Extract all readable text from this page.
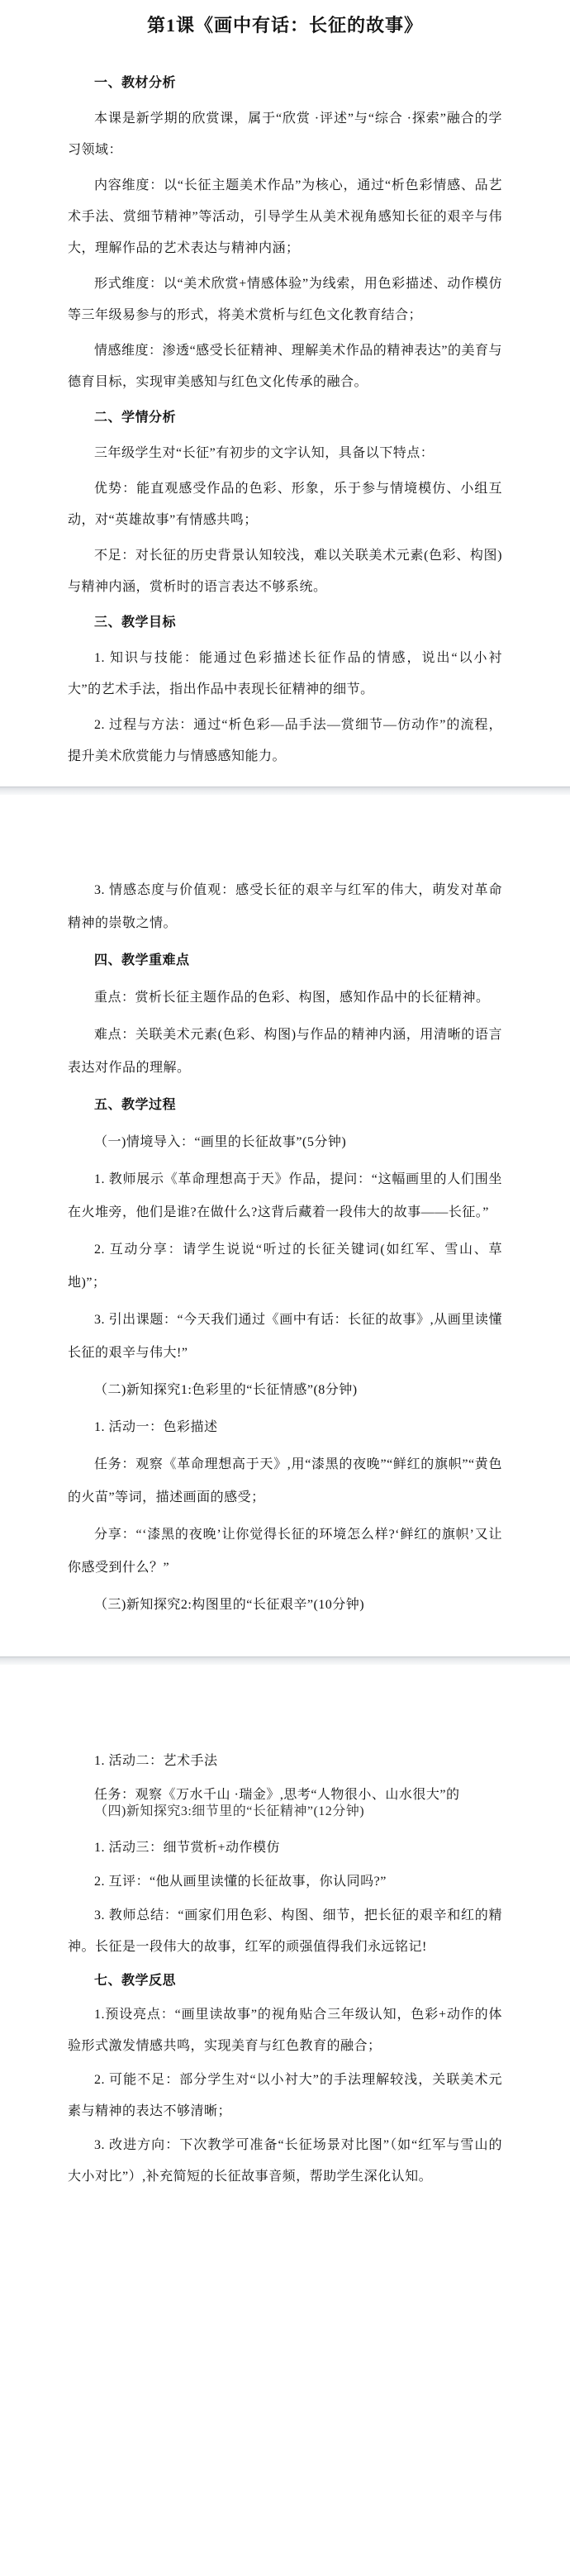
第1课《画中有话：长征的故事》
一、教材分析
本课是新学期的欣赏课，属于“欣赏 ·评述”与“综合 ·探索”融合的学习领域：
内容维度：以“长征主题美术作品”为核心，通过“析色彩情感、品艺术手法、赏细节精神”等活动，引导学生从美术视角感知长征的艰辛与伟大，理解作品的艺术表达与精神内涵；
形式维度：以“美术欣赏+情感体验”为线索，用色彩描述、动作模仿等三年级易参与的形式，将美术赏析与红色文化教育结合；
情感维度：渗透“感受长征精神、理解美术作品的精神表达”的美育与德育目标，实现审美感知与红色文化传承的融合。
二、学情分析
三年级学生对“长征”有初步的文字认知，具备以下特点：
优势：能直观感受作品的色彩、形象，乐于参与情境模仿、小组互动，对“英雄故事”有情感共鸣；
不足：对长征的历史背景认知较浅，难以关联美术元素(色彩、构图)与精神内涵，赏析时的语言表达不够系统。
三、教学目标
1. 知识与技能：能通过色彩描述长征作品的情感，说出“以小衬大”的艺术手法，指出作品中表现长征精神的细节。
2. 过程与方法：通过“析色彩—品手法—赏细节—仿动作”的流程，提升美术欣赏能力与情感感知能力。
3. 情感态度与价值观：感受长征的艰辛与红军的伟大，萌发对革命精神的崇敬之情。
四、教学重难点
重点：赏析长征主题作品的色彩、构图，感知作品中的长征精神。
难点：关联美术元素(色彩、构图)与作品的精神内涵，用清晰的语言表达对作品的理解。
五、教学过程
（一)情境导入：“画里的长征故事”(5分钟)
1. 教师展示《革命理想高于天》作品，提问：“这幅画里的人们围坐在火堆旁，他们是谁?在做什么?这背后藏着一段伟大的故事——长征。”
2. 互动分享：请学生说说“听过的长征关键词(如红军、雪山、草地)”；
3. 引出课题：“今天我们通过《画中有话：长征的故事》,从画里读懂长征的艰辛与伟大!”
（二)新知探究1:色彩里的“长征情感”(8分钟)
1. 活动一：色彩描述
任务：观察《革命理想高于天》,用“漆黑的夜晚”“鲜红的旗帜”“黄色的火苗”等词，描述画面的感受；
分享：“‘漆黑的夜晚’让你觉得长征的环境怎么样?‘鲜红的旗帜’又让你感受到什么？”
（三)新知探究2:构图里的“长征艰辛”(10分钟)
1. 活动二：艺术手法
任务：观察《万水千山 ·瑞金》,思考“人物很小、山水很大”的
（四)新知探究3:细节里的“长征精神”(12分钟)
1. 活动三：细节赏析+动作模仿
2. 互评：“他从画里读懂的长征故事，你认同吗?”
3. 教师总结：“画家们用色彩、构图、细节，把长征的艰辛和红的精神。长征是一段伟大的故事，红军的顽强值得我们永远铭记!
七、教学反思
1.预设亮点：“画里读故事”的视角贴合三年级认知，色彩+动作的体验形式激发情感共鸣，实现美育与红色教育的融合；
2. 可能不足：部分学生对“以小衬大”的手法理解较浅，关联美术元素与精神的表达不够清晰；
3. 改进方向：下次教学可准备“长征场景对比图”（如“红军与雪山的大小对比”）,补充简短的长征故事音频，帮助学生深化认知。
